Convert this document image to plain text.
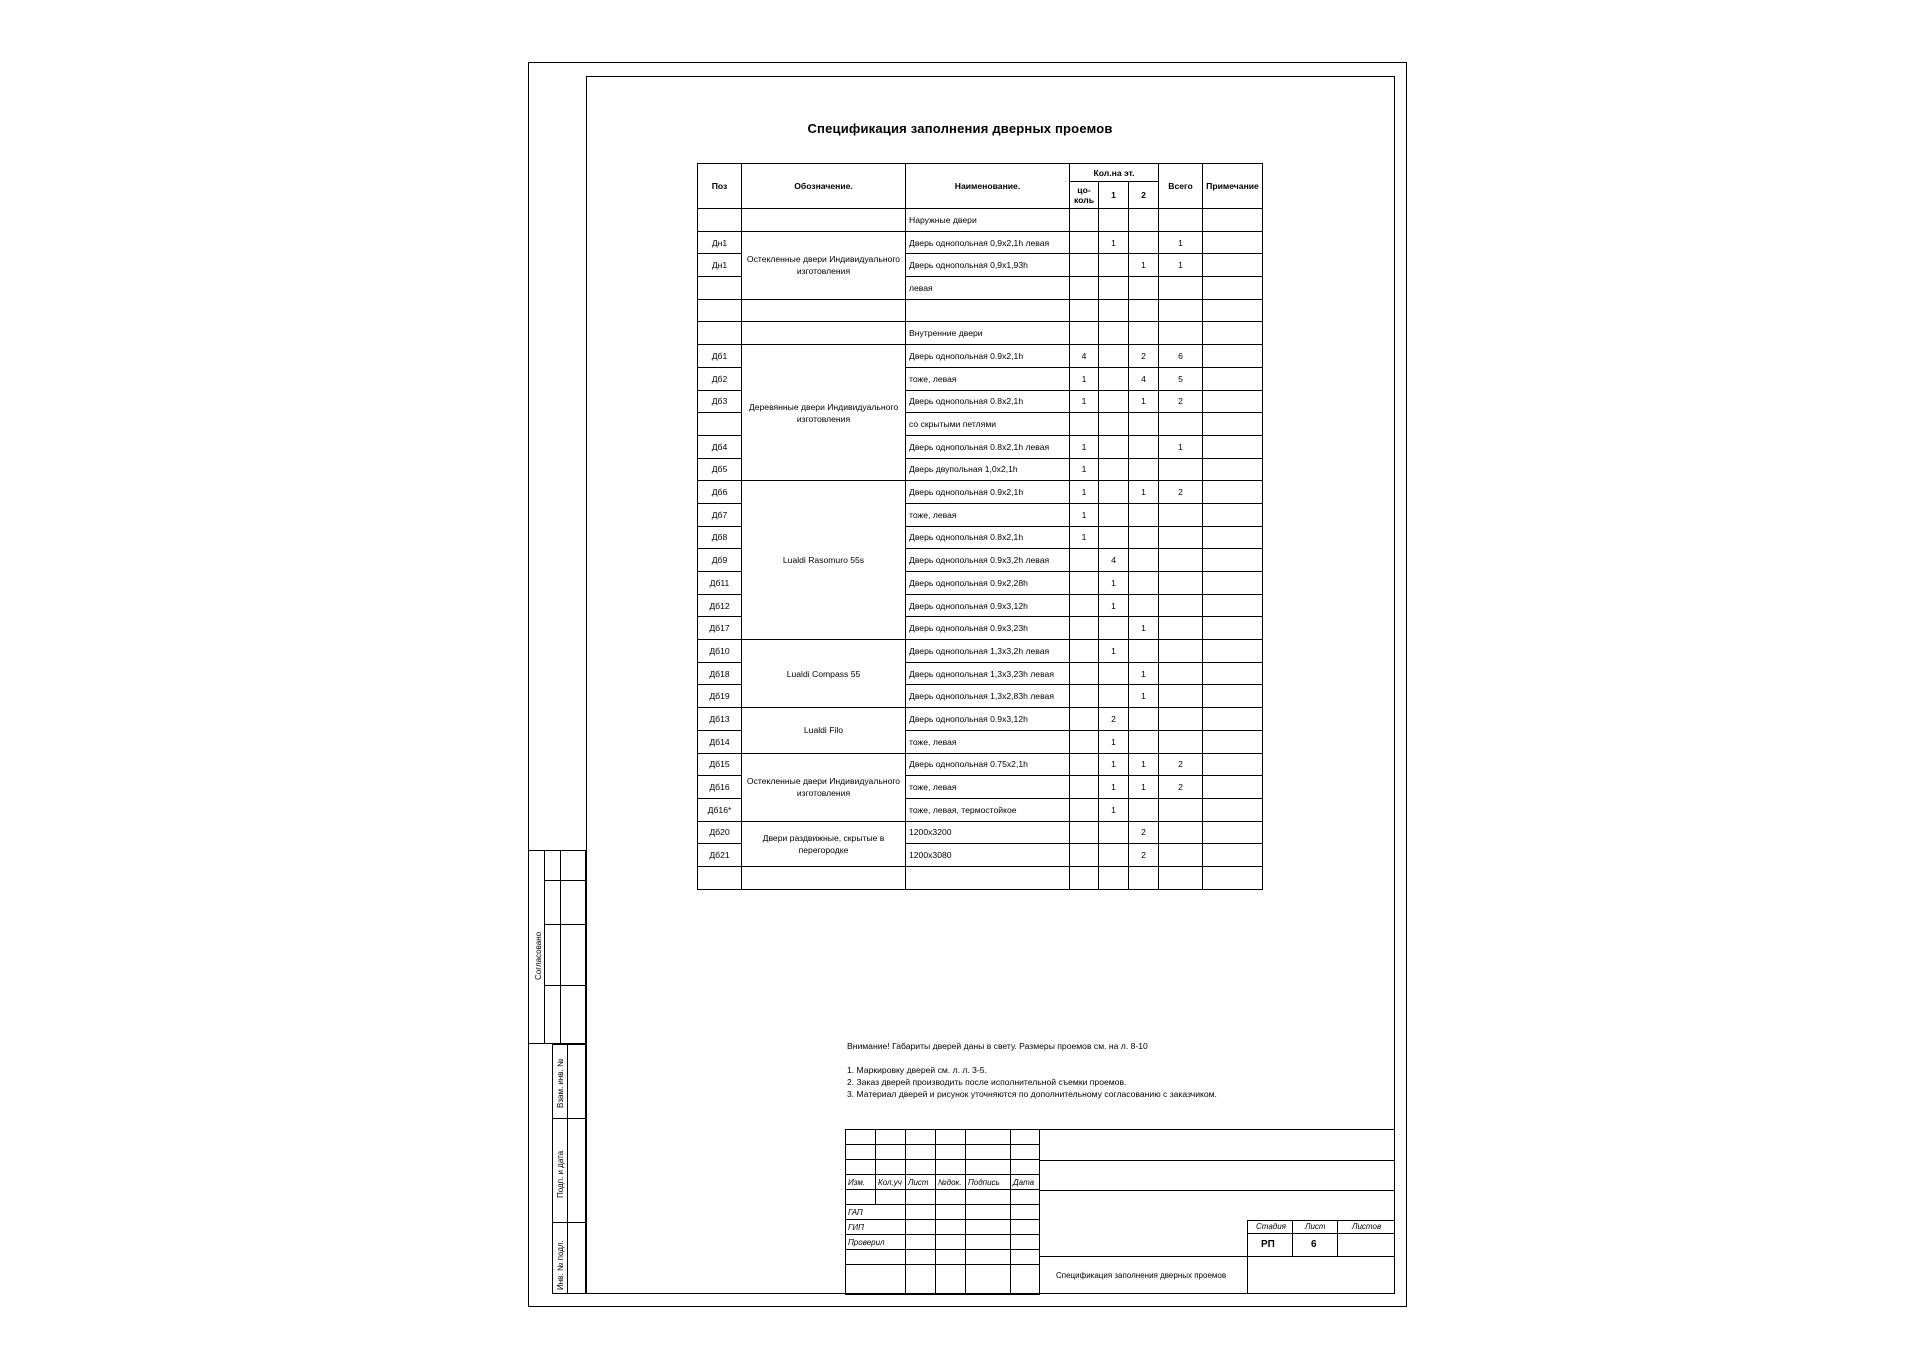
Спецификация заполнения дверных проемов
Поз	Обозначение.	Наименование.	Кол.на эт.			Всего	Примечание
			цо-коль	1	2		
		Наружные двери					
Дн1	Остекленные двери Индивидуального изготовления	Дверь однопольная 0,9х2,1h левая		1		1	
Дн1		Дверь однопольная 0,9х1,93h			1	1	
		левая					

		Внутренние двери					
Дб1	Деревянные двери Индивидуального изготовления	Дверь однопольная 0.9х2,1h	4		2	6	
Дб2		тоже, левая	1		4	5	
Дб3		Дверь однопольная 0.8х2,1h	1		1	2	
		со скрытыми петлями					
Дб4		Дверь однопольная 0.8х2,1h левая	1			1	
Дб5		Дверь двупольная 1,0х2,1h	1				
Дб6	Lualdi Rasomuro 55s	Дверь однопольная 0.9х2,1h	1		1	2	
Дб7		тоже, левая	1				
Дб8		Дверь однопольная 0.8х2,1h	1				
Дб9		Дверь однопольная 0.9х3,2h левая		4			
Дб11		Дверь однопольная 0.9х2,28h		1			
Дб12		Дверь однопольная 0.9х3,12h		1			
Дб17		Дверь однопольная 0.9х3,23h			1		
Дб10	Lualdi Compass 55	Дверь однопольная 1,3х3,2h левая		1			
Дб18		Дверь однопольная 1,3х3,23h левая			1		
Дб19		Дверь однопольная 1,3х2,83h левая			1		
Дб13	Lualdi Filo	Дверь однопольная 0.9х3,12h		2			
Дб14		тоже, левая		1			
Дб15	Остекленные двери Индивидуального изготовления	Дверь однопольная 0.75х2,1h		1	1	2	
Дб16		тоже, левая		1	1	2	
Дб16*		тоже, левая, термостойкое		1			
Дб20	Двери раздвижные, скрытые в перегородке	1200х3200			2		
Дб21		1200х3080			2		

Внимание! Габариты дверей даны в свету. Размеры проемов см. на л. 8-10

1. Маркировку дверей см. л. л. 3-5.

2. Заказ дверей производить после исполнительной съемки проемов.

3. Материал дверей и рисунок уточняются по дополнительному согласованию с заказчиком.

Согласовано
Взам. инв. №
Подп. и дата
Инв. № подл.

Изм.	Кол.уч	Лист	№док.	Подпись	Дата

ГАП					
ГИП					
Проверил					

Стадия Лист	Листов
РП	6
Спецификация заполнения дверных проемов
